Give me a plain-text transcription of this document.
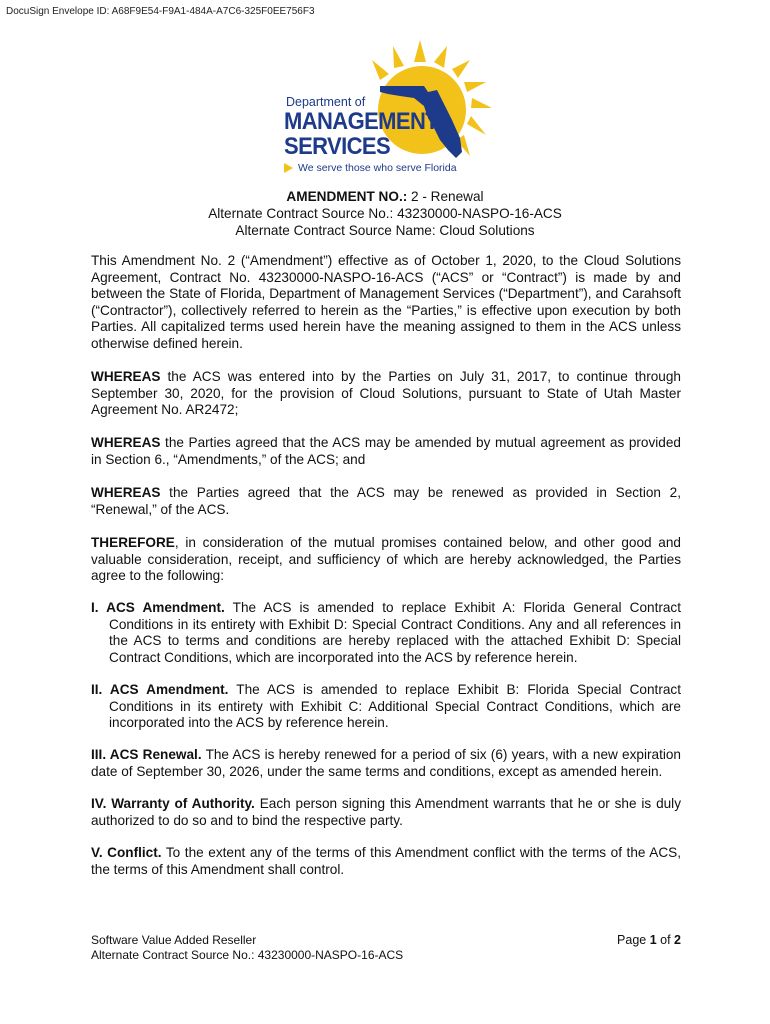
DocuSign Envelope ID: A68F9E54-F9A1-484A-A7C6-325F0EE756F3
Department of
MANAGEMENT
SERVICES
We serve those who serve Florida
AMENDMENT NO.: 2 - Renewal
Alternate Contract Source No.: 43230000-NASPO-16-ACS
Alternate Contract Source Name: Cloud Solutions

This Amendment No. 2 (“Amendment”) effective as of October 1, 2020, to the Cloud Solutions Agreement, Contract No. 43230000-NASPO-16-ACS (“ACS” or “Contract”) is made by and between the State of Florida, Department of Management Services (“Department”), and Carahsoft (“Contractor”), collectively referred to herein as the “Parties,” is effective upon execution by both Parties. All capitalized terms used herein have the meaning assigned to them in the ACS unless otherwise defined herein.

WHEREAS the ACS was entered into by the Parties on July 31, 2017, to continue through September 30, 2020, for the provision of Cloud Solutions, pursuant to State of Utah Master Agreement No. AR2472;

WHEREAS the Parties agreed that the ACS may be amended by mutual agreement as provided in Section 6., “Amendments,” of the ACS; and

WHEREAS the Parties agreed that the ACS may be renewed as provided in Section 2, “Renewal,” of the ACS.

THEREFORE, in consideration of the mutual promises contained below, and other good and valuable consideration, receipt, and sufficiency of which are hereby acknowledged, the Parties agree to the following:

I. ACS Amendment. The ACS is amended to replace Exhibit A: Florida General Contract Conditions in its entirety with Exhibit D: Special Contract Conditions. Any and all references in the ACS to terms and conditions are hereby replaced with the attached Exhibit D: Special Contract Conditions, which are incorporated into the ACS by reference herein.

II. ACS Amendment. The ACS is amended to replace Exhibit B: Florida Special Contract Conditions in its entirety with Exhibit C: Additional Special Contract Conditions, which are incorporated into the ACS by reference herein.

III. ACS Renewal. The ACS is hereby renewed for a period of six (6) years, with a new expiration date of September 30, 2026, under the same terms and conditions, except as amended herein.

IV. Warranty of Authority. Each person signing this Amendment warrants that he or she is duly authorized to do so and to bind the respective party.

V. Conflict. To the extent any of the terms of this Amendment conflict with the terms of the ACS, the terms of this Amendment shall control.

Software Value Added Reseller
Alternate Contract Source No.: 43230000-NASPO-16-ACS
Page 1 of 2
